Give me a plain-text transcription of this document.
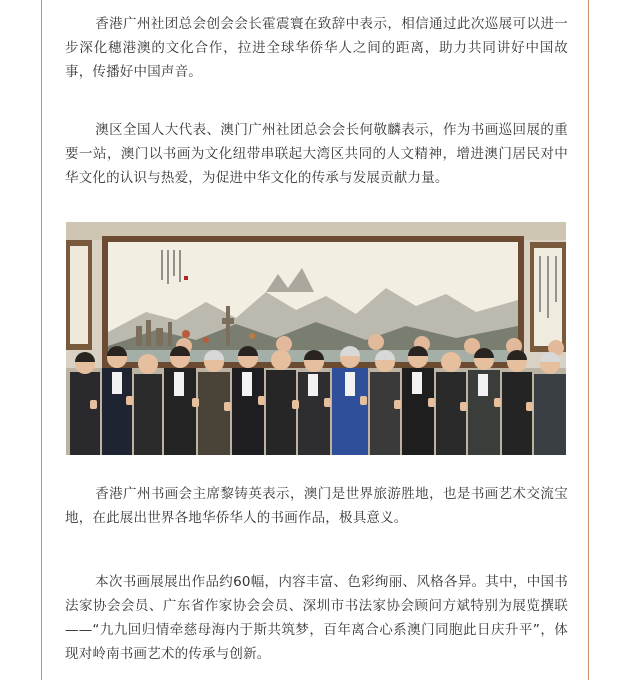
香港广州社团总会创会会长霍震寰在致辞中表示，相信通过此次巡展可以进一步深化穗港澳的文化合作，拉进全球华侨华人之间的距离，助力共同讲好中国故事，传播好中国声音。

澳区全国人大代表、澳门广州社团总会会长何敬麟表示，作为书画巡回展的重要一站，澳门以书画为文化纽带串联起大湾区共同的人文精神，增进澳门居民对中华文化的认识与热爱，为促进中华文化的传承与发展贡献力量。

香港广州书画会主席黎铸英表示，澳门是世界旅游胜地，也是书画艺术交流宝地，在此展出世界各地华侨华人的书画作品，极具意义。

本次书画展展出作品约60幅，内容丰富、色彩绚丽、风格各异。其中，中国书法家协会会员、广东省作家协会会员、深圳市书法家协会顾问方斌特别为展览撰联——“九九回归情牵慈母海内于斯共筑梦，百年离合心系澳门同胞此日庆升平”，体现对岭南书画艺术的传承与创新。
